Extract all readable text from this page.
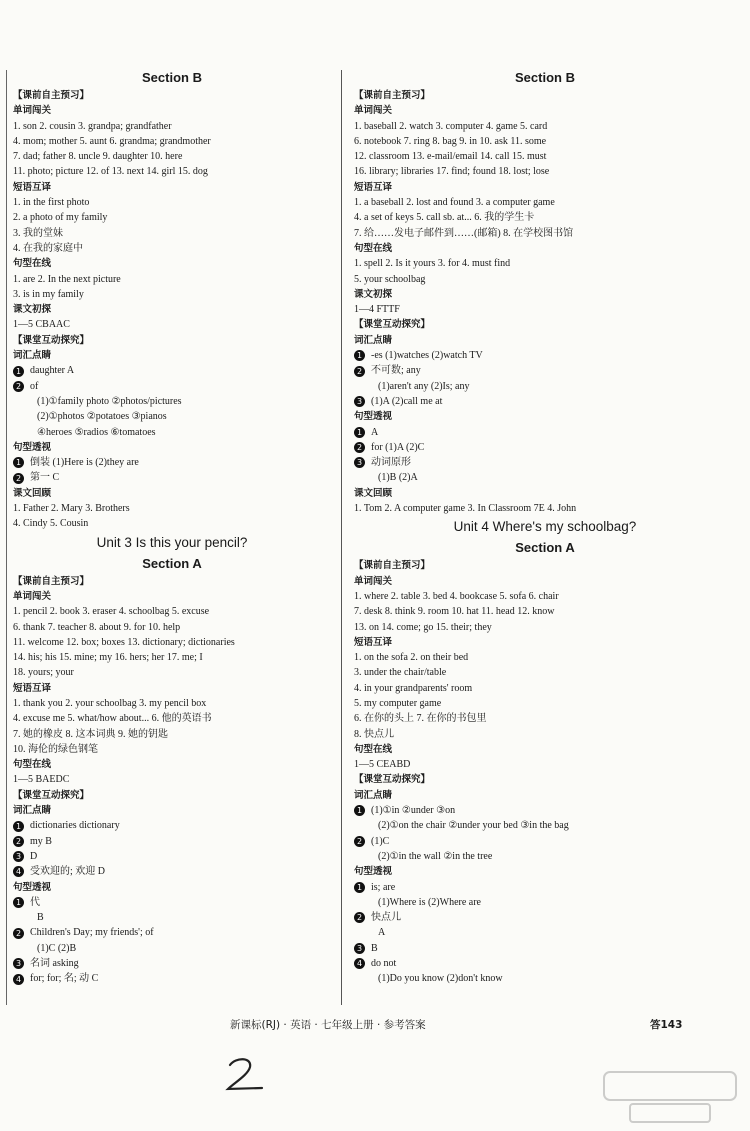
Section B
【课前自主预习】
单词闯关
1. son 2. cousin 3. grandpa; grandfather
4. mom; mother 5. aunt 6. grandma; grandmother
7. dad; father 8. uncle 9. daughter 10. here
11. photo; picture 12. of 13. next 14. girl 15. dog
短语互译
1. in the first photo
2. a photo of my family
3. 我的堂妹
4. 在我的家庭中
句型在线
1. are 2. In the next picture
3. is in my family
课文初探
1—5 CBAAC
【课堂互动探究】
词汇点睛
1 daughter A
2 of
(1)①family photo ②photos/pictures
(2)①photos ②potatoes ③pianos
④heroes ⑤radios ⑥tomatoes
句型透视
1 倒装 (1)Here is (2)they are
2 第一 C
课文回顾
1. Father 2. Mary 3. Brothers
4. Cindy 5. Cousin
Unit 3 Is this your pencil?
Section A
【课前自主预习】
单词闯关
1. pencil 2. book 3. eraser 4. schoolbag 5. excuse
6. thank 7. teacher 8. about 9. for 10. help
11. welcome 12. box; boxes 13. dictionary; dictionaries
14. his; his 15. mine; my 16. hers; her 17. me; I
18. yours; your
短语互译
1. thank you 2. your schoolbag 3. my pencil box
4. excuse me 5. what/how about... 6. 他的英语书
7. 她的橡皮 8. 这本词典 9. 她的钥匙
10. 海伦的绿色钢笔
句型在线
1—5 BAEDC
【课堂互动探究】
词汇点睛
1 dictionaries dictionary
2 my B
3 D
4 受欢迎的; 欢迎 D
句型透视
1 代
B
2 Children's Day; my friends'; of
(1)C (2)B
3 名词 asking
4 for; for; 名; 动 C
Section B
【课前自主预习】
单词闯关
1. baseball 2. watch 3. computer 4. game 5. card
6. notebook 7. ring 8. bag 9. in 10. ask 11. some
12. classroom 13. e-mail/email 14. call 15. must
16. library; libraries 17. find; found 18. lost; lose
短语互译
1. a baseball 2. lost and found 3. a computer game
4. a set of keys 5. call sb. at... 6. 我的学生卡
7. 给……发电子邮件到……(邮箱) 8. 在学校图书馆
句型在线
1. spell 2. Is it yours 3. for 4. must find
5. your schoolbag
课文初探
1—4 FTTF
【课堂互动探究】
词汇点睛
1 -es (1)watches (2)watch TV
2 不可数; any
(1)aren't any (2)Is; any
3 (1)A (2)call me at
句型透视
1 A
2 for (1)A (2)C
3 动词原形
(1)B (2)A
课文回顾
1. Tom 2. A computer game 3. In Classroom 7E 4. John
Unit 4 Where's my schoolbag?
Section A
【课前自主预习】
单词闯关
1. where 2. table 3. bed 4. bookcase 5. sofa 6. chair
7. desk 8. think 9. room 10. hat 11. head 12. know
13. on 14. come; go 15. their; they
短语互译
1. on the sofa 2. on their bed
3. under the chair/table
4. in your grandparents' room
5. my computer game
6. 在你的头上 7. 在你的书包里
8. 快点儿
句型在线
1—5 CEABD
【课堂互动探究】
词汇点睛
1 (1)①in ②under ③on
(2)①on the chair ②under your bed ③in the bag
2 (1)C
(2)①in the wall ②in the tree
句型透视
1 is; are
(1)Where is (2)Where are
2 快点儿
A
3 B
4 do not
(1)Do you know (2)don't know
新课标(RJ) · 英语 · 七年级上册 · 参考答案	答143
